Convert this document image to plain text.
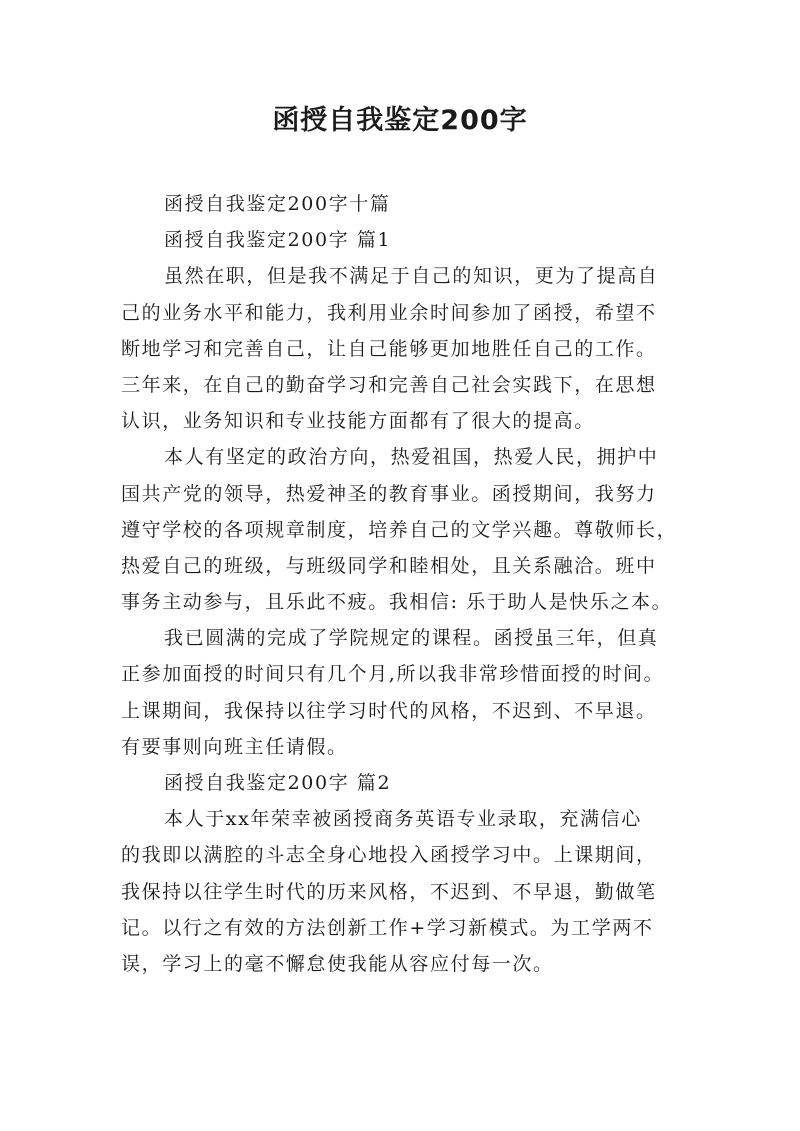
函授自我鉴定200字
函授自我鉴定200字十篇
函授自我鉴定200字 篇1
虽然在职，但是我不满足于自己的知识，更为了提高自
己的业务水平和能力，我利用业余时间参加了函授，希望不
断地学习和完善自己，让自己能够更加地胜任自己的工作。
三年来，在自己的勤奋学习和完善自己社会实践下，在思想
认识，业务知识和专业技能方面都有了很大的提高。
本人有坚定的政治方向，热爱祖国，热爱人民，拥护中
国共产党的领导，热爱神圣的教育事业。函授期间，我努力
遵守学校的各项规章制度，培养自己的文学兴趣。尊敬师长，
热爱自己的班级，与班级同学和睦相处，且关系融洽。班中
事务主动参与，且乐此不疲。我相信: 乐于助人是快乐之本。
我已圆满的完成了学院规定的课程。函授虽三年，但真
正参加面授的时间只有几个月,所以我非常珍惜面授的时间。
上课期间，我保持以往学习时代的风格，不迟到、不早退。
有要事则向班主任请假。
函授自我鉴定200字 篇2
本人于xx年荣幸被函授商务英语专业录取，充满信心
的我即以满腔的斗志全身心地投入函授学习中。上课期间，
我保持以往学生时代的历来风格，不迟到、不早退，勤做笔
记。以行之有效的方法创新工作+学习新模式。为工学两不
误，学习上的毫不懈怠使我能从容应付每一次。
